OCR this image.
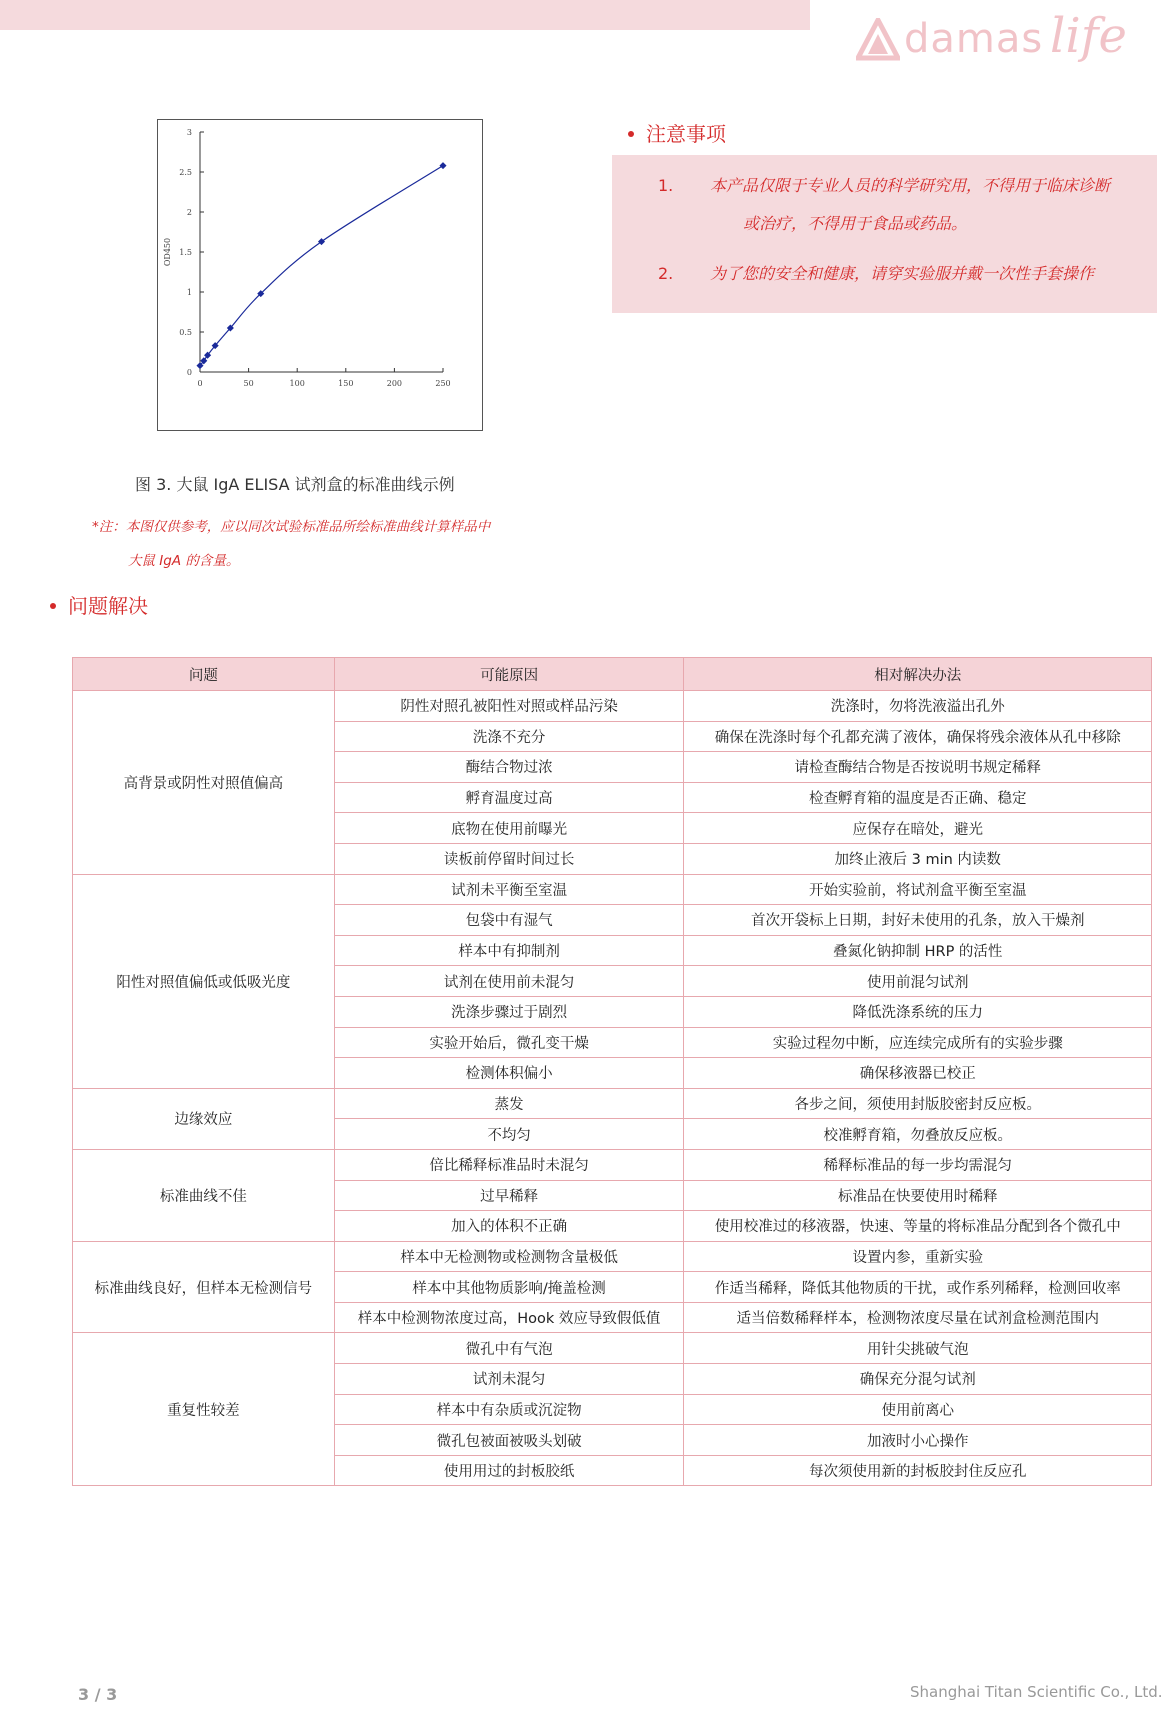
damas life
0
0.5
1
1.5
2
2.5
3
0	50	100	150	200	250
OD450
图 3. 大鼠 IgA ELISA 试剂盒的标准曲线示例
*注：本图仅供参考，应以同次试验标准品所绘标准曲线计算样品中
大鼠 IgA 的含量。
注意事项
1. 本产品仅限于专业人员的科学研究用，不得用于临床诊断
或治疗，不得用于食品或药品。
2. 为了您的安全和健康，请穿实验服并戴一次性手套操作
问题解决
问题	可能原因	相对解决办法
高背景或阴性对照值偏高	阴性对照孔被阳性对照或样品污染	洗涤时，勿将洗液溢出孔外
	洗涤不充分	确保在洗涤时每个孔都充满了液体，确保将残余液体从孔中移除
	酶结合物过浓	请检查酶结合物是否按说明书规定稀释
	孵育温度过高	检查孵育箱的温度是否正确、稳定
	底物在使用前曝光	应保存在暗处，避光
	读板前停留时间过长	加终止液后 3 min 内读数
阳性对照值偏低或低吸光度	试剂未平衡至室温	开始实验前，将试剂盒平衡至室温
	包袋中有湿气	首次开袋标上日期，封好未使用的孔条，放入干燥剂
	样本中有抑制剂	叠氮化钠抑制 HRP 的活性
	试剂在使用前未混匀	使用前混匀试剂
	洗涤步骤过于剧烈	降低洗涤系统的压力
	实验开始后，微孔变干燥	实验过程勿中断，应连续完成所有的实验步骤
	检测体积偏小	确保移液器已校正
边缘效应	蒸发	各步之间，须使用封版胶密封反应板。
	不均匀	校准孵育箱，勿叠放反应板。
标准曲线不佳	倍比稀释标准品时未混匀	稀释标准品的每一步均需混匀
	过早稀释	标准品在快要使用时稀释
	加入的体积不正确	使用校准过的移液器，快速、等量的将标准品分配到各个微孔中
标准曲线良好，但样本无检测信号	样本中无检测物或检测物含量极低	设置内参，重新实验
	样本中其他物质影响/掩盖检测	作适当稀释，降低其他物质的干扰，或作系列稀释，检测回收率
	样本中检测物浓度过高，Hook 效应导致假低值	适当倍数稀释样本，检测物浓度尽量在试剂盒检测范围内
重复性较差	微孔中有气泡	用针尖挑破气泡
	试剂未混匀	确保充分混匀试剂
	样本中有杂质或沉淀物	使用前离心
	微孔包被面被吸头划破	加液时小心操作
	使用用过的封板胶纸	每次须使用新的封板胶封住反应孔
3 / 3	Shanghai Titan Scientific Co., Ltd.
